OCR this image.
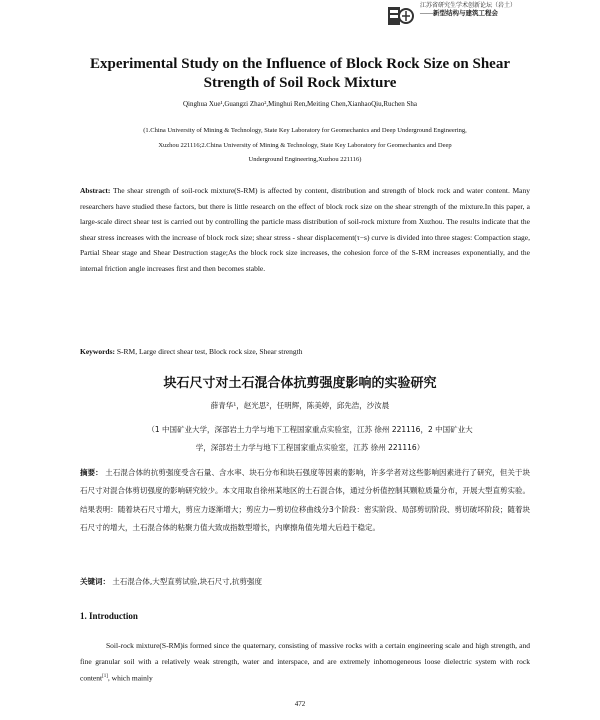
江苏省研究生学术创新论坛（岩土）
——新型结构与建筑工程会
Experimental Study on the Influence of Block Rock Size on Shear
Strength of Soil Rock Mixture
Qinghua Xue¹,Guangzi Zhao²,Minghui Ren,Meiting Chen,XianhaoQiu,Ruchen Sha
(1.China University of Mining & Technology, State Key Laboratory for Geomechanics and Deep Underground Engineering,
Xuzhou 221116;2.China University of Mining & Technology, State Key Laboratory for Geomechanics and Deep
Underground Engineering,Xuzhou 221116)
Abstract: The shear strength of soil-rock mixture(S-RM) is affected by content, distribution and strength of block rock and water content. Many researchers have studied these factors, but there is little research on the effect of block rock size on the shear strength of the mixture.In this paper, a large-scale direct shear test is carried out by controlling the particle mass distribution of soil-rock mixture from Xuzhou. The results indicate that the shear stress increases with the increase of block rock size; shear stress - shear displacement(τ−s) curve is divided into three stages: Compaction stage, Partial Shear stage and Shear Destruction stage;As the block rock size increases, the cohesion force of the S-RM increases exponentially, and the internal friction angle increases first and then becomes stable.
Keywords: S-RM, Large direct shear test, Block rock size, Shear strength
块石尺寸对土石混合体抗剪强度影响的实验研究
薛青华¹，赵光思²，任明辉，陈美婷，邱先浩，沙汝晨
（1 中国矿业大学，深部岩土力学与地下工程国家重点实验室，江苏 徐州 221116，2 中国矿业大
学，深部岩土力学与地下工程国家重点实验室，江苏 徐州 221116）
摘要： 土石混合体的抗剪强度受含石量、含水率、块石分布和块石强度等因素的影响，许多学者对这些影响因素进行了研究，但关于块石尺寸对混合体剪切强度的影响研究较少。本文用取自徐州某地区的土石混合体，通过分析值控制其颗粒质量分布，开展大型直剪实验。结果表明：随着块石尺寸增大，剪应力逐渐增大；剪应力—剪切位移曲线分3个阶段：密实阶段、局部剪切阶段、剪切破坏阶段；随着块石尺寸的增大，土石混合体的粘聚力值大致成指数型增长，内摩擦角值先增大后趋于稳定。
关键词： 土石混合体,大型直剪试验,块石尺寸,抗剪强度
1. Introduction
Soil-rock mixture(S-RM)is formed since the quaternary, consisting of massive rocks with a certain engineering scale and high strength, and fine granular soil with a relatively weak strength, water and interspace, and are extremely inhomogeneous loose dielectric system with rock content[1], which mainly
472
